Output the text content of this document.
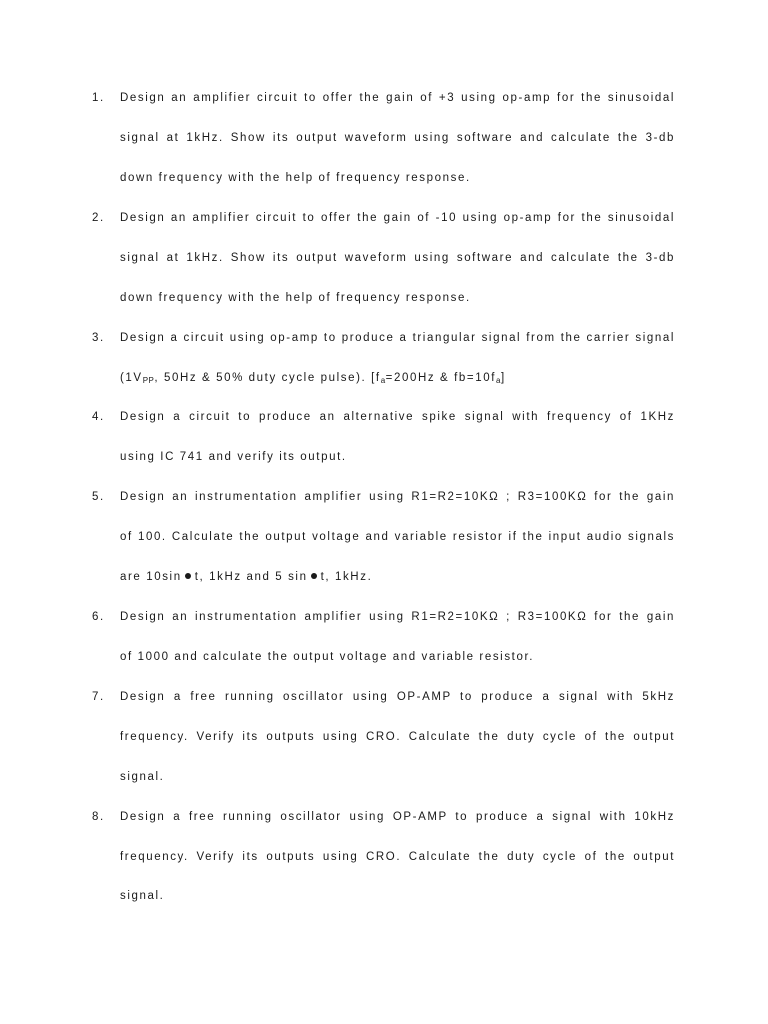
1. Design an amplifier circuit to offer the gain of +3 using op-amp for the sinusoidal
signal at 1kHz. Show its output waveform using software and calculate the 3-db
down frequency with the help of frequency response.
2. Design an amplifier circuit to offer the gain of -10 using op-amp for the sinusoidal
signal at 1kHz. Show its output waveform using software and calculate the 3-db
down frequency with the help of frequency response.
3. Design a circuit using op-amp to produce a triangular signal from the carrier signal
($1V_{PP}$, 50Hz & 50% duty cycle pulse). [$f_a=200Hz$ & $fb=10f_a$]
4. Design a circuit to produce an alternative spike signal with frequency of 1KHz
using IC 741 and verify its output.
5. Design an instrumentation amplifier using R1=R2=10KΩ ; R3=100KΩ for the gain
of 100. Calculate the output voltage and variable resistor if the input audio signals
are 10sin t, 1kHz and 5 sin t, 1kHz.
6. Design an instrumentation amplifier using R1=R2=10KΩ ; R3=100KΩ for the gain
of 1000 and calculate the output voltage and variable resistor.
7. Design a free running oscillator using OP-AMP to produce a signal with 5kHz
frequency. Verify its outputs using CRO. Calculate the duty cycle of the output
signal.
8. Design a free running oscillator using OP-AMP to produce a signal with 10kHz
frequency. Verify its outputs using CRO. Calculate the duty cycle of the output
signal.
